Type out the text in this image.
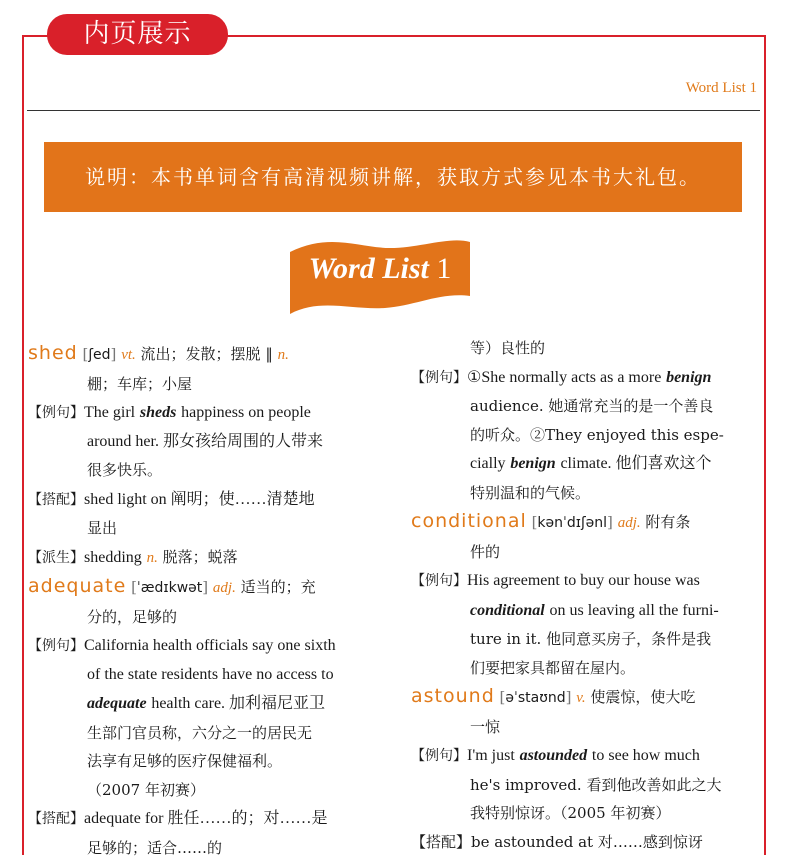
内页展示
Word List 1
说明：本书单词含有高清视频讲解，获取方式参见本书大礼包。
Word List 1
shed [ʃed] vt. 流出；发散；摆脱 ‖ n.
棚；车库；小屋
【例句】The girl sheds happiness on people
around her. 那女孩给周围的人带来
很多快乐。
【搭配】shed light on 阐明；使……清楚地
显出
【派生】shedding n. 脱落；蜕落
adequate [ˈædɪkwət] adj. 适当的；充
分的，足够的
【例句】California health officials say one sixth
of the state residents have no access to
adequate health care. 加利福尼亚卫
生部门官员称，六分之一的居民无
法享有足够的医疗保健福利。
（2007 年初赛）
【搭配】adequate for 胜任……的；对……是
足够的；适合……的
等）良性的
【例句】①She normally acts as a more benign
audience. 她通常充当的是一个善良
的听众。②They enjoyed this espe-
cially benign climate. 他们喜欢这个
特别温和的气候。
conditional [kənˈdɪʃənl] adj. 附有条
件的
【例句】His agreement to buy our house was
conditional on us leaving all the furni-
ture in it. 他同意买房子，条件是我
们要把家具都留在屋内。
astound [əˈstaʊnd] v. 使震惊，使大吃
一惊
【例句】I'm just astounded to see how much
he's improved. 看到他改善如此之大
我特别惊讶。（2005 年初赛）
【搭配】be astounded at 对……感到惊讶
